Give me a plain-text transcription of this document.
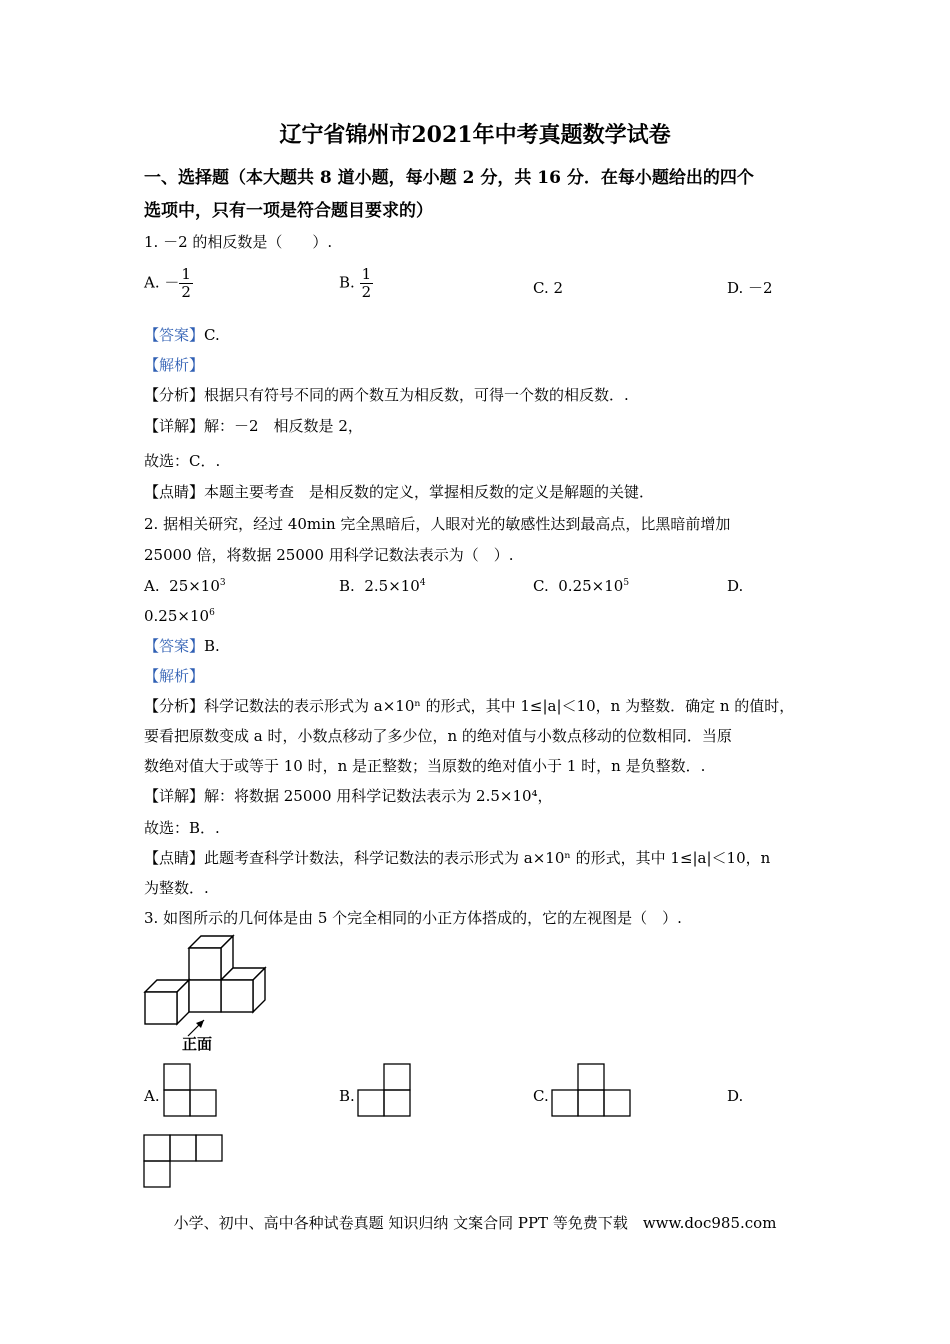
辽宁省锦州市2021年中考真题数学试卷
一、选择题（本大题共 8 道小题，每小题 2 分，共 16 分．在每小题给出的四个
选项中，只有一项是符合题目要求的）
1. －2 的相反数是（　　）.
A. － $\frac{1}{2}$	B. $\frac{1}{2}$	C. 2	D. －2
【答案】C.
【解析】
【分析】根据只有符号不同的两个数互为相反数，可得一个数的相反数．.
【详解】解：－2　相反数是 2，
故选：C．.
【点睛】本题主要考查　是相反数的定义，掌握相反数的定义是解题的关键．
2. 据相关研究，经过 40min 完全黑暗后，人眼对光的敏感性达到最高点，比黑暗前增加
25000 倍，将数据 25000 用科学记数法表示为（　）.
A. $25\times 10^3$	B. $2.5\times 10^4$	C. $0.25\times 10^5$	D.
$0.25\times 10^6$
【答案】B.
【解析】
【分析】科学记数法的表示形式为 a×10ⁿ 的形式，其中 1≤|a|＜10，n 为整数．确定 n 的值时，
要看把原数变成 a 时，小数点移动了多少位，n 的绝对值与小数点移动的位数相同．当原
数绝对值大于或等于 10 时，n 是正整数；当原数的绝对值小于 1 时，n 是负整数．.
【详解】解：将数据 25000 用科学记数法表示为 2.5×10⁴，
故选：B．.
【点睛】此题考查科学计数法，科学记数法的表示形式为 a×10ⁿ 的形式，其中 1≤|a|＜10，n
为整数．.
3. 如图所示的几何体是由 5 个完全相同的小正方体搭成的，它的左视图是（　）.
正面
A.	B.	C.	D.
小学、初中、高中各种试卷真题 知识归纳 文案合同 PPT 等免费下载　www.doc985.com
